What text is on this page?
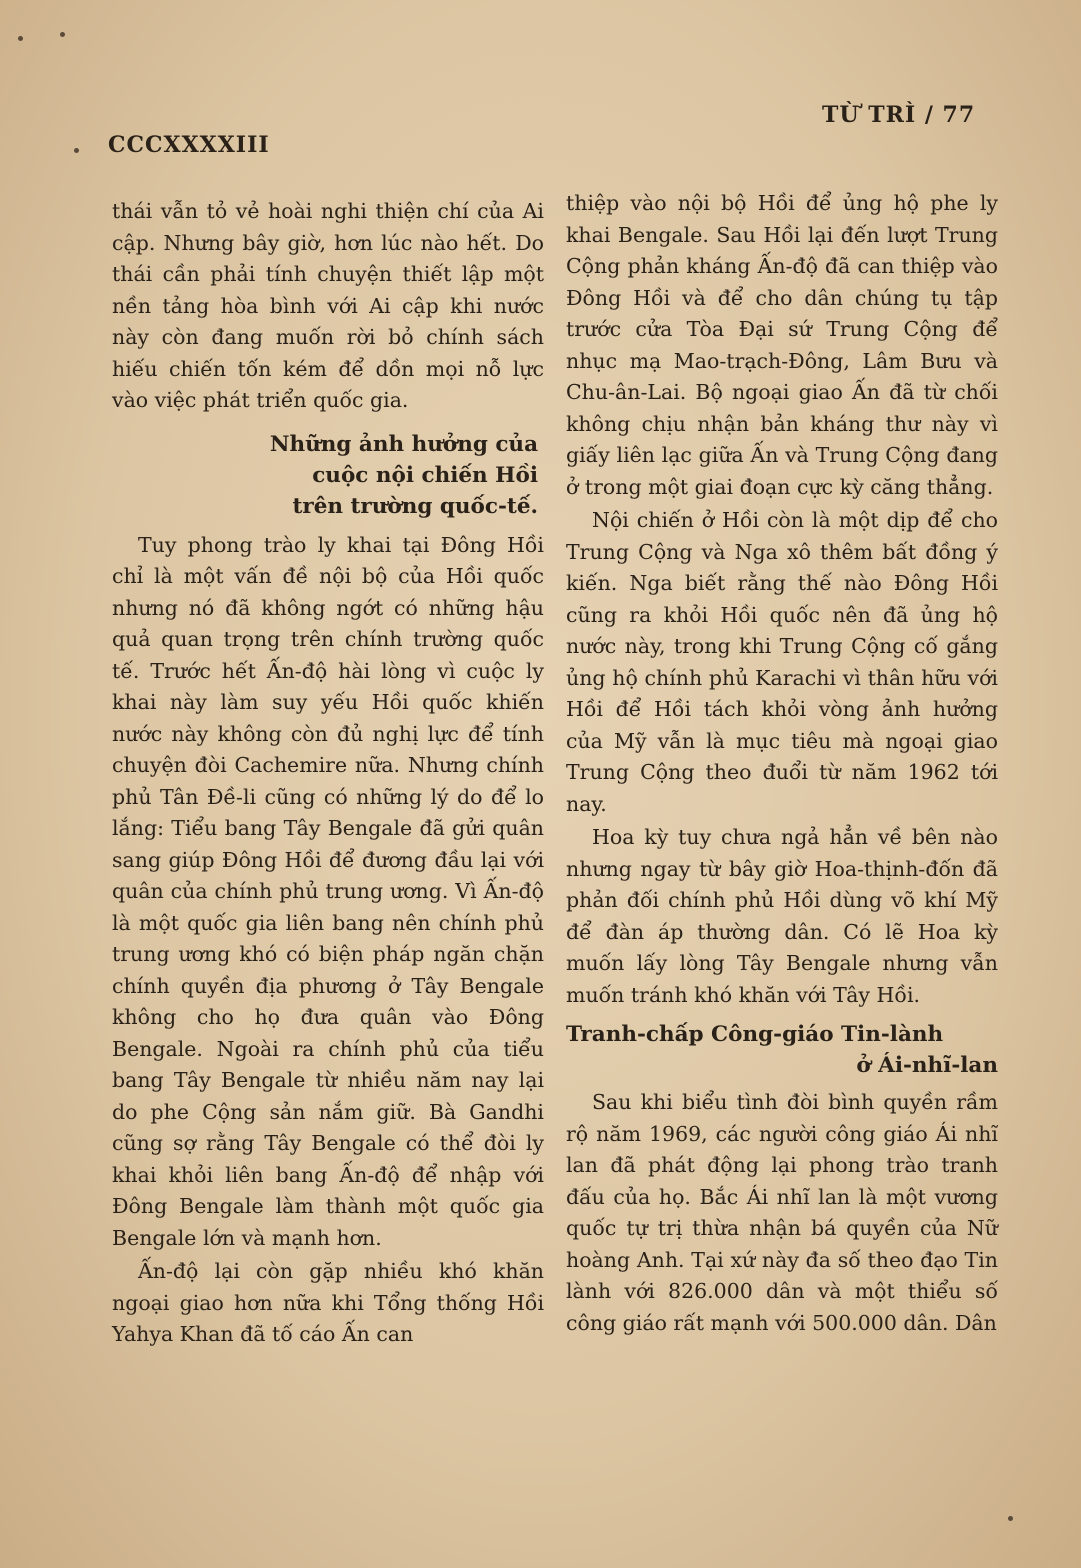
CCCXXXXIII
TỪ TRÌ / 77

thái vẫn tỏ vẻ hoài nghi thiện chí của Ai cập. Nhưng bây giờ, hơn lúc nào hết. Do thái cần phải tính chuyện thiết lập một nền tảng hòa bình với Ai cập khi nước này còn đang muốn rời bỏ chính sách hiếu chiến tốn kém để dồn mọi nỗ lực vào việc phát triển quốc gia.

Những ảnh hưởng của
cuộc nội chiến Hồi
trên trường quốc-tế.

Tuy phong trào ly khai tại Đông Hồi chỉ là một vấn đề nội bộ của Hồi quốc nhưng nó đã không ngớt có những hậu quả quan trọng trên chính trường quốc tế. Trước hết Ấn-độ hài lòng vì cuộc ly khai này làm suy yếu Hồi quốc khiến nước này không còn đủ nghị lực để tính chuyện đòi Cachemire nữa. Nhưng chính phủ Tân Đề-li cũng có những lý do để lo lắng: Tiểu bang Tây Bengale đã gửi quân sang giúp Đông Hồi để đương đầu lại với quân của chính phủ trung ương. Vì Ấn-độ là một quốc gia liên bang nên chính phủ trung ương khó có biện pháp ngăn chặn chính quyền địa phương ở Tây Bengale không cho họ đưa quân vào Đông Bengale. Ngoài ra chính phủ của tiểu bang Tây Bengale từ nhiều năm nay lại do phe Cộng sản nắm giữ. Bà Gandhi cũng sợ rằng Tây Bengale có thể đòi ly khai khỏi liên bang Ấn-độ để nhập với Đông Bengale làm thành một quốc gia Bengale lớn và mạnh hơn.

Ấn-độ lại còn gặp nhiều khó khăn ngoại giao hơn nữa khi Tổng thống Hồi Yahya Khan đã tố cáo Ấn can

thiệp vào nội bộ Hồi để ủng hộ phe ly khai Bengale. Sau Hồi lại đến lượt Trung Cộng phản kháng Ấn-độ đã can thiệp vào Đông Hồi và để cho dân chúng tụ tập trước cửa Tòa Đại sứ Trung Cộng để nhục mạ Mao-trạch-Đông, Lâm Bưu và Chu-ân-Lai. Bộ ngoại giao Ấn đã từ chối không chịu nhận bản kháng thư này vì giấy liên lạc giữa Ấn và Trung Cộng đang ở trong một giai đoạn cực kỳ căng thẳng.

Nội chiến ở Hồi còn là một dịp để cho Trung Cộng và Nga xô thêm bất đồng ý kiến. Nga biết rằng thế nào Đông Hồi cũng ra khỏi Hồi quốc nên đã ủng hộ nước này, trong khi Trung Cộng cố gắng ủng hộ chính phủ Karachi vì thân hữu với Hồi để Hồi tách khỏi vòng ảnh hưởng của Mỹ vẫn là mục tiêu mà ngoại giao Trung Cộng theo đuổi từ năm 1962 tới nay.

Hoa kỳ tuy chưa ngả hẳn về bên nào nhưng ngay từ bây giờ Hoa-thịnh-đốn đã phản đối chính phủ Hồi dùng võ khí Mỹ để đàn áp thường dân. Có lẽ Hoa kỳ muốn lấy lòng Tây Bengale nhưng vẫn muốn tránh khó khăn với Tây Hồi.

Tranh-chấp Công-giáo Tin-lành
ở Ái-nhĩ-lan

Sau khi biểu tình đòi bình quyền rầm rộ năm 1969, các người công giáo Ái nhĩ lan đã phát động lại phong trào tranh đấu của họ. Bắc Ái nhĩ lan là một vương quốc tự trị thừa nhận bá quyền của Nữ hoàng Anh. Tại xứ này đa số theo đạo Tin lành với 826.000 dân và một thiểu số công giáo rất mạnh với 500.000 dân. Dân
